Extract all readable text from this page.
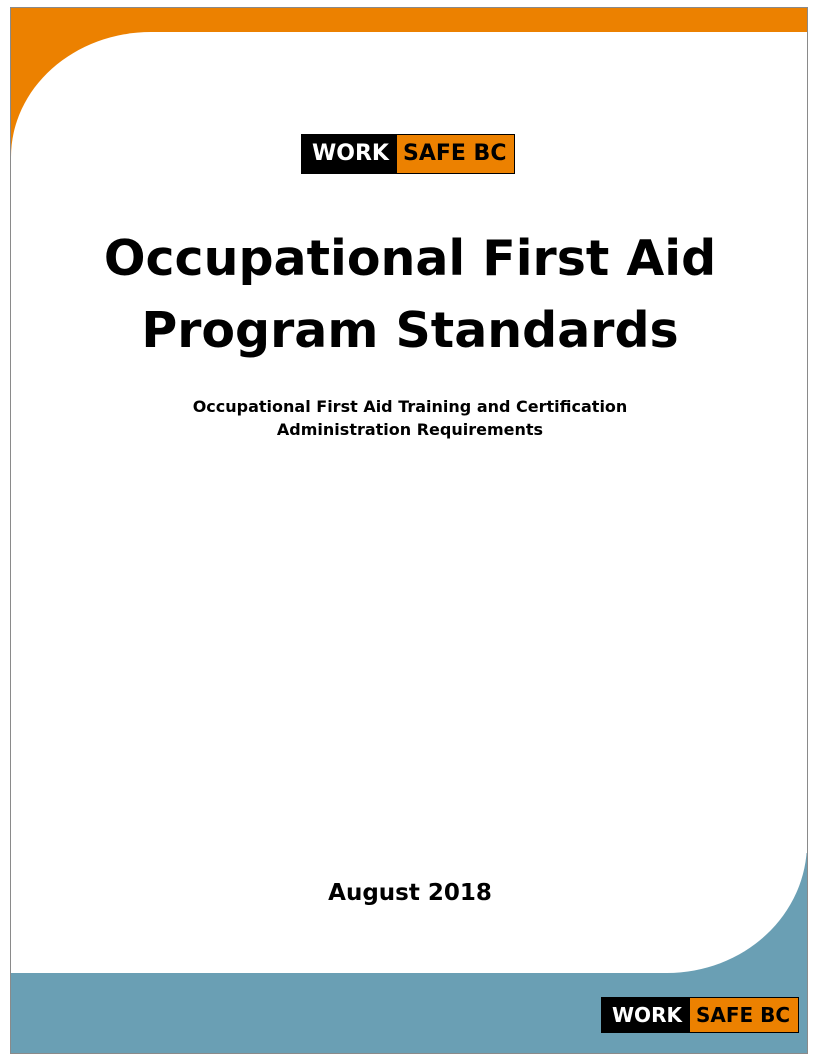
WORK SAFE BC
Occupational First Aid
Program Standards
Occupational First Aid Training and Certification
Administration Requirements
August 2018
WORK SAFE BC
